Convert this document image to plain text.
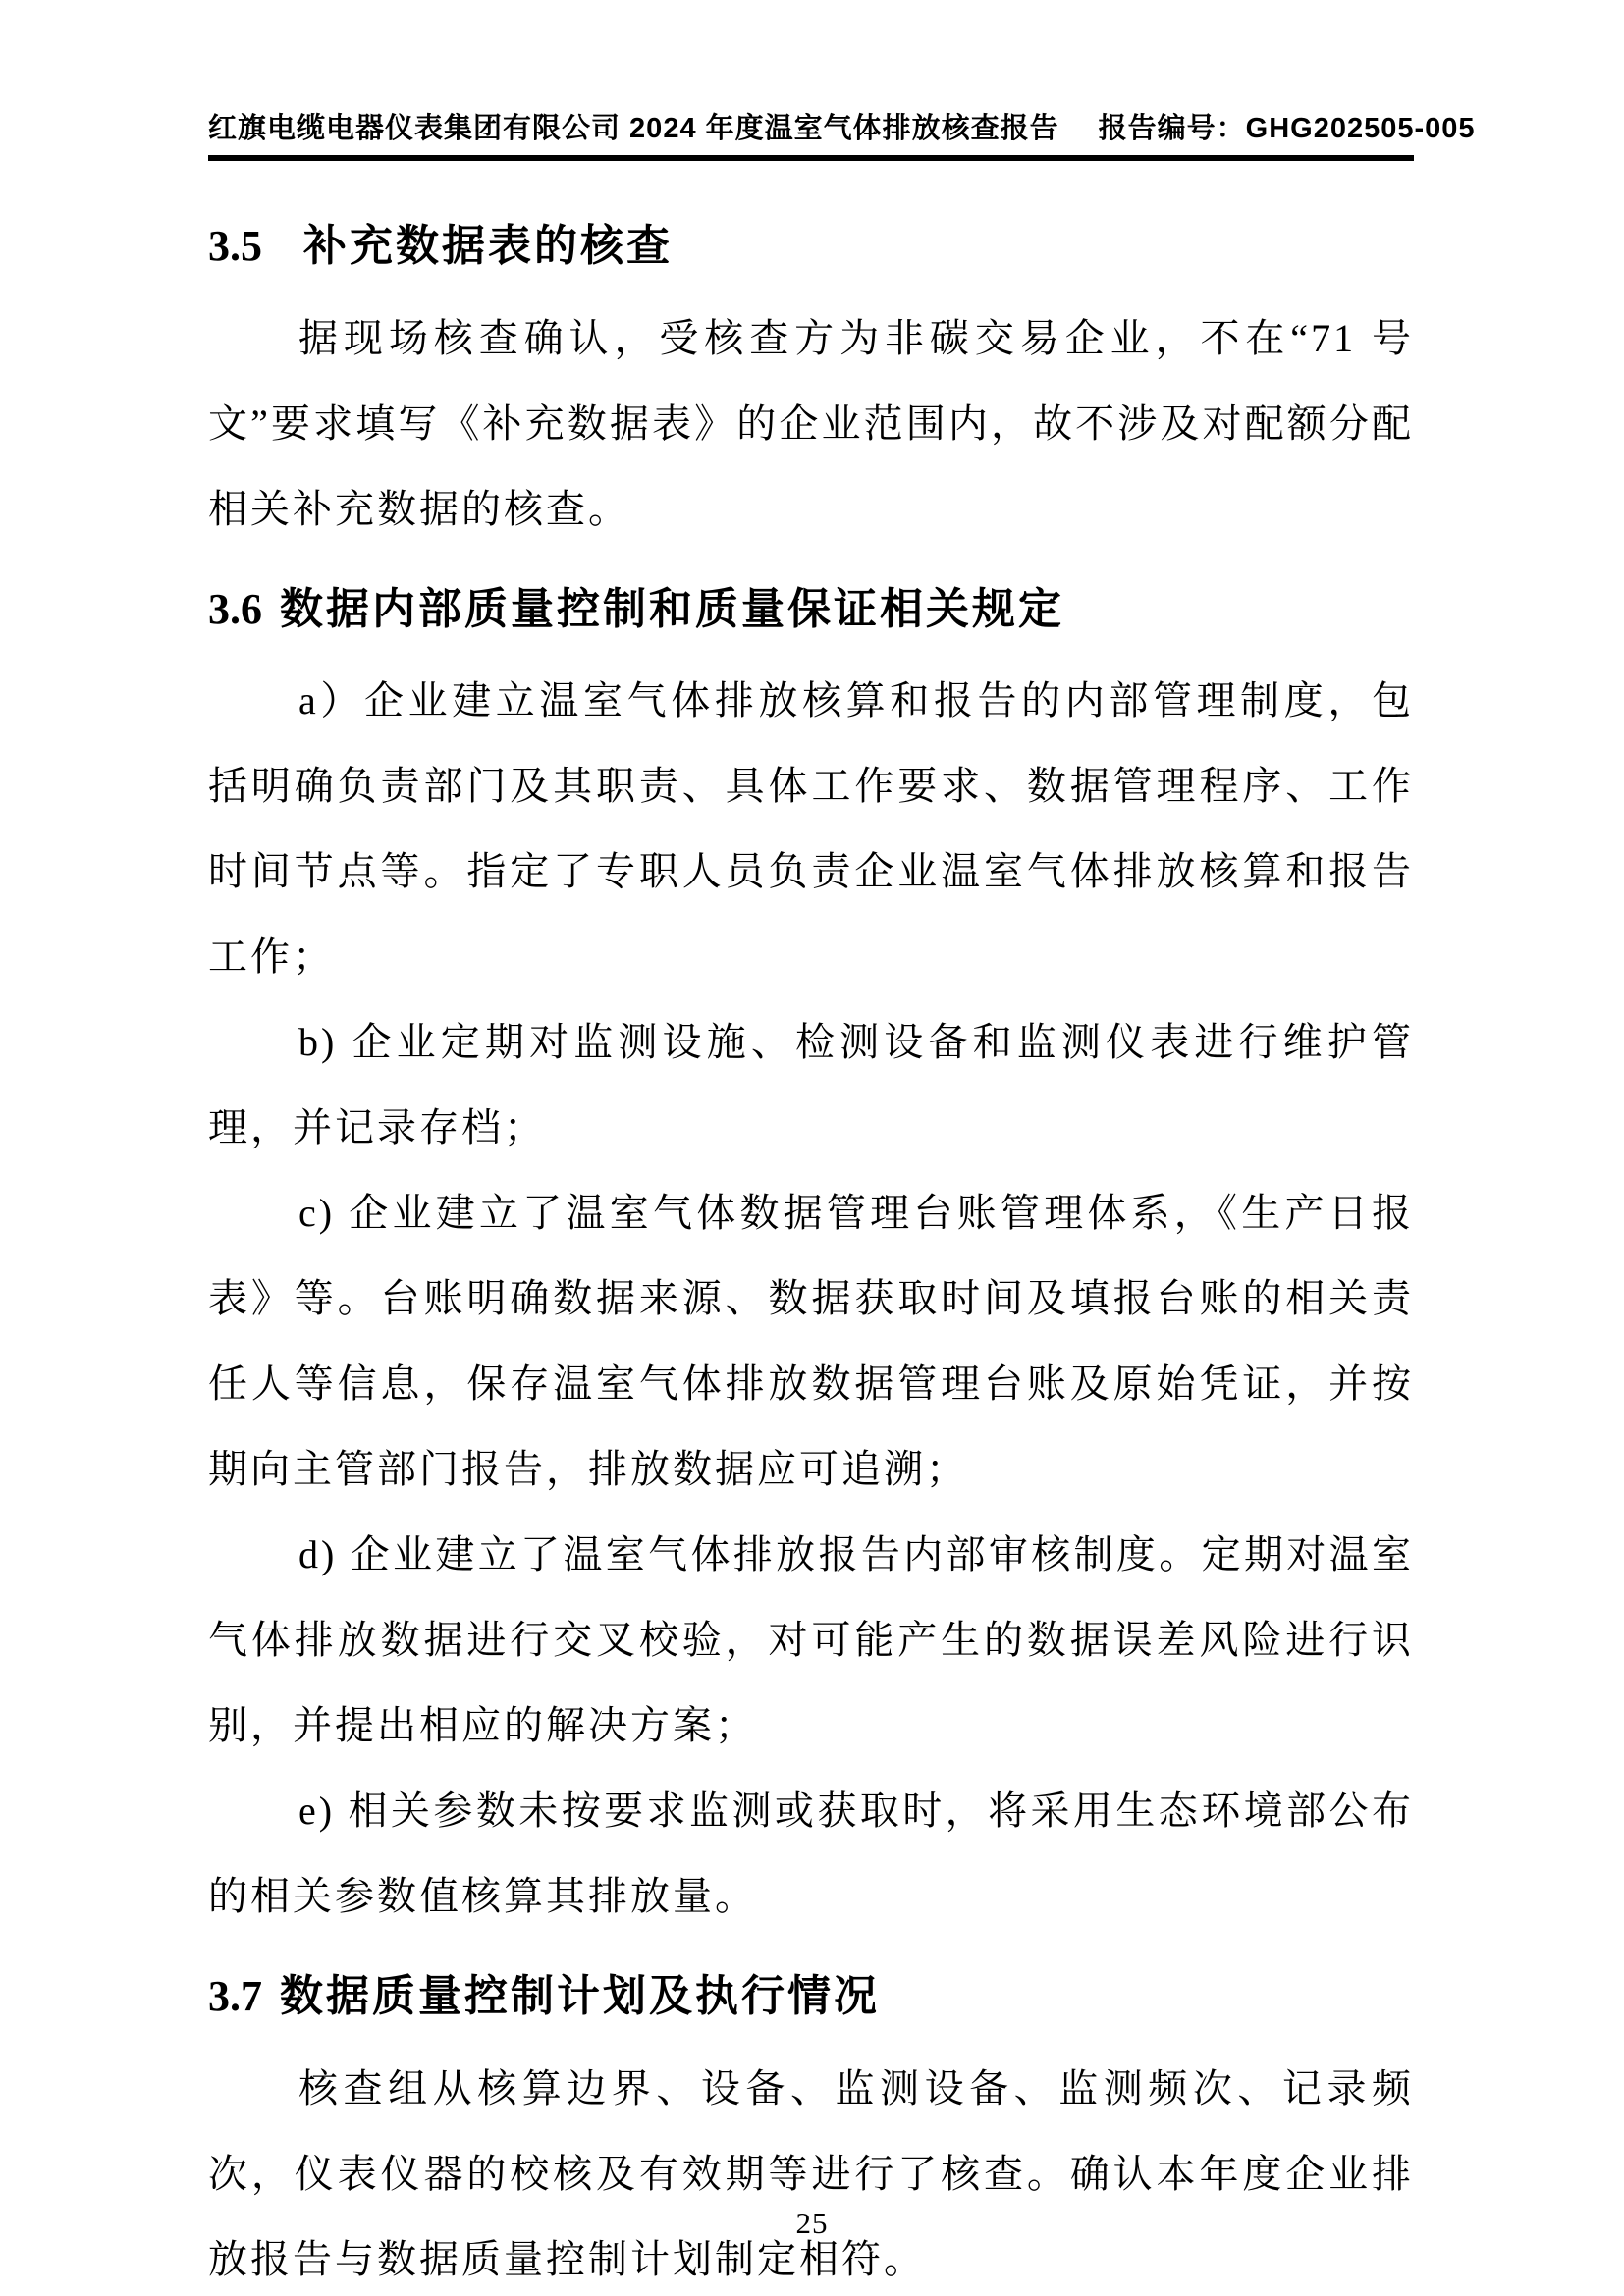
红旗电缆电器仪表集团有限公司 2024 年度温室气体排放核查报告 报告编号：GHG202505-005
3.5 补充数据表的核查

据现场核查确认，受核查方为非碳交易企业，不在“71 号文”要求填写《补充数据表》的企业范围内，故不涉及对配额分配相关补充数据的核查。

3.6 数据内部质量控制和质量保证相关规定

a）企业建立温室气体排放核算和报告的内部管理制度，包括明确负责部门及其职责、具体工作要求、数据管理程序、工作时间节点等。指定了专职人员负责企业温室气体排放核算和报告工作；

b) 企业定期对监测设施、检测设备和监测仪表进行维护管理，并记录存档；

c) 企业建立了温室气体数据管理台账管理体系，《生产日报表》等。台账明确数据来源、数据获取时间及填报台账的相关责任人等信息，保存温室气体排放数据管理台账及原始凭证，并按期向主管部门报告，排放数据应可追溯；

d) 企业建立了温室气体排放报告内部审核制度。定期对温室气体排放数据进行交叉校验，对可能产生的数据误差风险进行识别，并提出相应的解决方案；

e) 相关参数未按要求监测或获取时，将采用生态环境部公布的相关参数值核算其排放量。

3.7 数据质量控制计划及执行情况

核查组从核算边界、设备、监测设备、监测频次、记录频次，仪表仪器的校核及有效期等进行了核查。确认本年度企业排放报告与数据质量控制计划制定相符。

25
